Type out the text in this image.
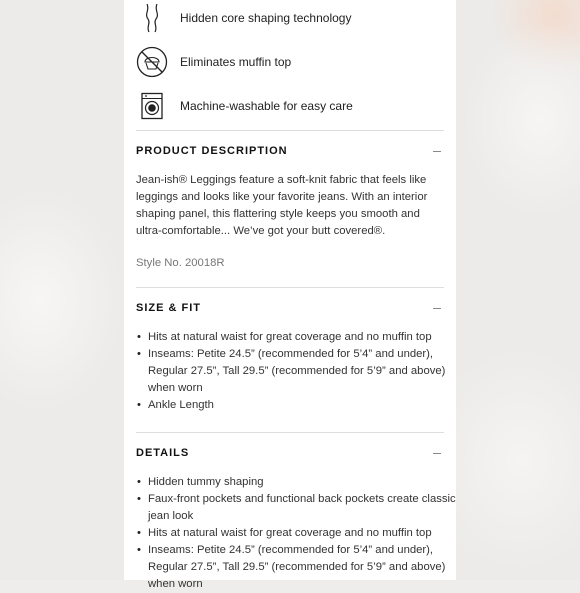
Hidden core shaping technology
Eliminates muffin top
Machine-washable for easy care
PRODUCT DESCRIPTION
Jean-ish® Leggings feature a soft-knit fabric that feels like leggings and looks like your favorite jeans. With an interior shaping panel, this flattering style keeps you smooth and ultra-comfortable... We’ve got your butt covered®.
Style No. 20018R
SIZE & FIT
• Hits at natural waist for great coverage and no muffin top
• Inseams: Petite 24.5” (recommended for 5’4” and under), Regular 27.5”, Tall 29.5” (recommended for 5’9” and above) when worn
• Ankle Length
DETAILS
• Hidden tummy shaping
• Faux-front pockets and functional back pockets create classic jean look
• Hits at natural waist for great coverage and no muffin top
• Inseams: Petite 24.5” (recommended for 5’4” and under), Regular 27.5”, Tall 29.5” (recommended for 5’9” and above) when worn
